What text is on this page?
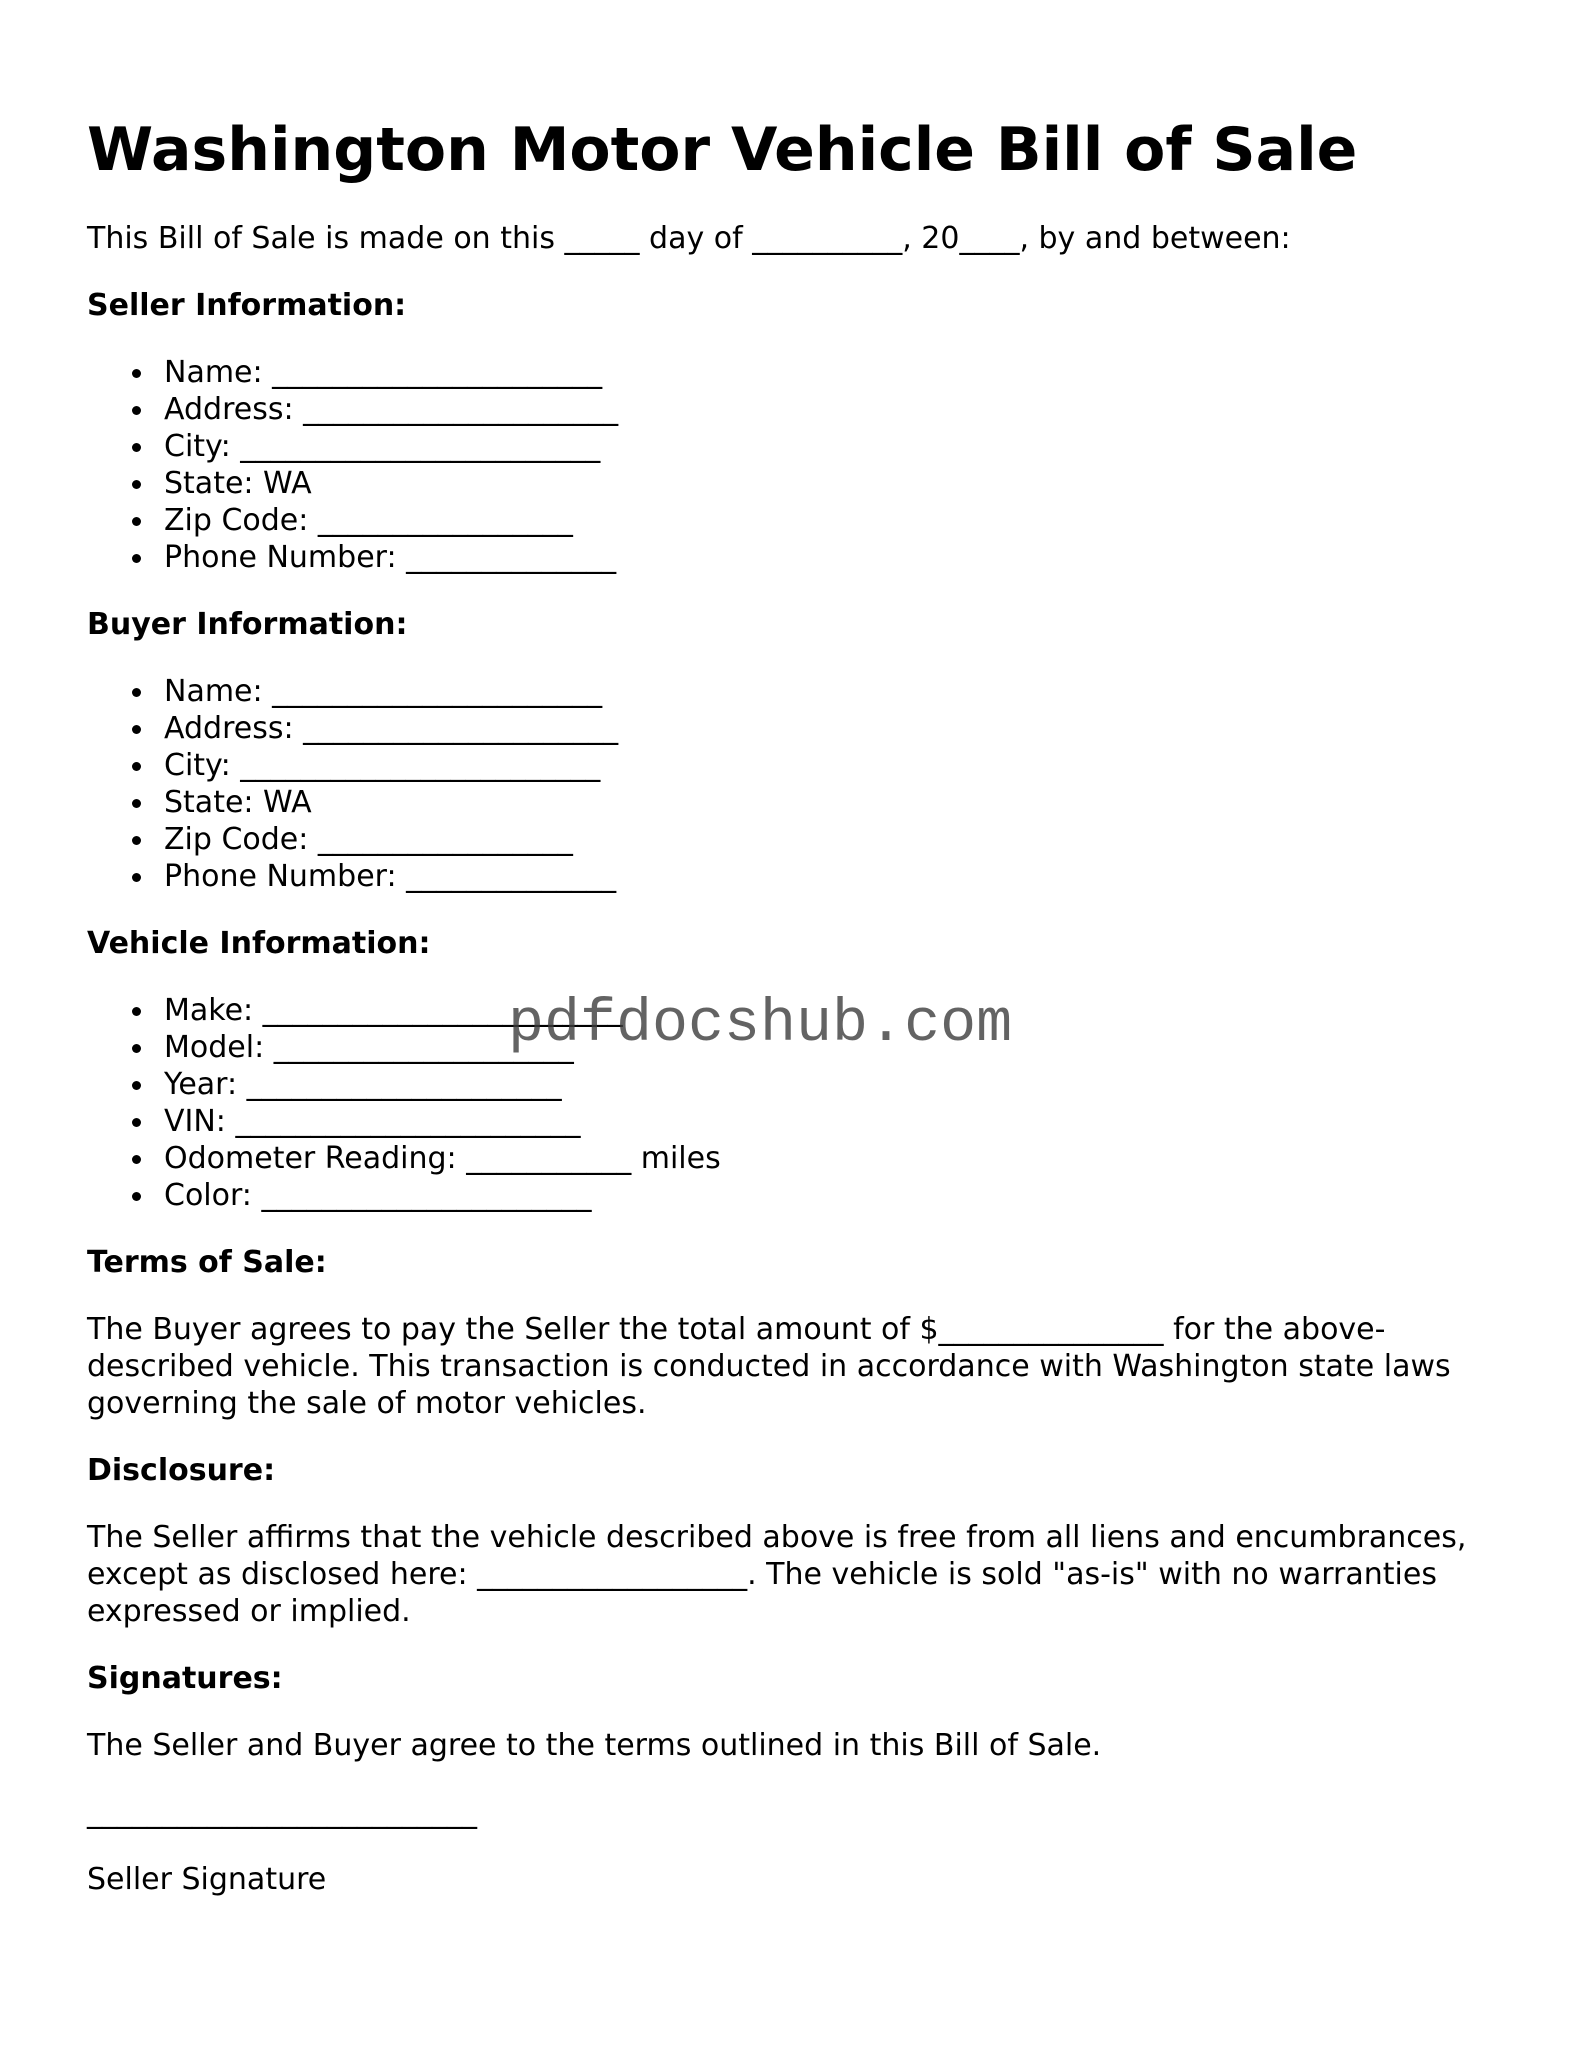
Washington Motor Vehicle Bill of Sale

This Bill of Sale is made on this _____ day of __________, 20____, by and between:

Seller Information:
Name: ______________________
Address: _____________________
City: ________________________
State: WA
Zip Code: _________________
Phone Number: ______________
Buyer Information:
Name: ______________________
Address: _____________________
City: ________________________
State: WA
Zip Code: _________________
Phone Number: ______________
Vehicle Information:
Make: ________________________
Model: ____________________
Year: _____________________
VIN: _______________________
Odometer Reading: ___________ miles
Color: ______________________
Terms of Sale:

The Buyer agrees to pay the Seller the total amount of $_______________ for the above-described vehicle. This transaction is conducted in accordance with Washington state laws governing the sale of motor vehicles.

Disclosure:

The Seller affirms that the vehicle described above is free from all liens and encumbrances, except as disclosed here: __________________. The vehicle is sold "as-is" with no warranties expressed or implied.

Signatures:

The Seller and Buyer agree to the terms outlined in this Bill of Sale.

__________________________

Seller Signature

pdfdocshub.com
